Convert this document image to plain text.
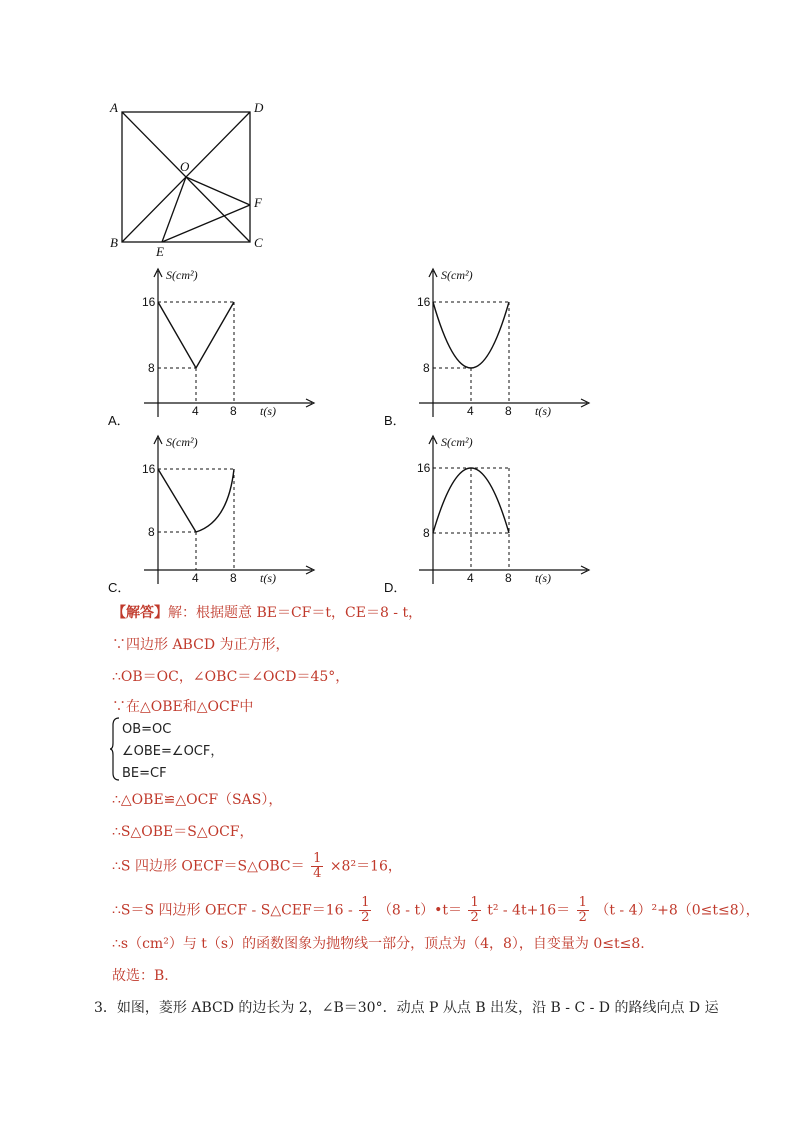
A	D
O
F
B	C
E
S(cm²)
t(s)
16
8
4	8
A．
S(cm²)
t(s)
16
8
4	8
B．
S(cm²)
t(s)
16
8
4	8
C．
S(cm²)
t(s)
16
8
4	8
D．
【解答】解：根据题意 BE＝CF＝t，CE＝8 - t，
∵四边形 ABCD 为正方形，
∴OB＝OC，∠OBC＝∠OCD＝45°，
∵在△OBE和△OCF中
OB=OC
∠OBE=∠OCF，
BE=CF
∴△OBE≌△OCF（SAS），
∴S△OBE＝S△OCF，
∴S 四边形 OECF＝S△OBC＝ $\frac{1}{4} \times 8^2=16$，
∴S＝S 四边形 OECF - S△CEF＝16 - $\frac{1}{2} (8$ - t）•t＝ $\frac{1}{2} t^2 - 4t+16= \frac{1}{2} (t - 4)^2+8(0\le t\le 8)$，
∴s（cm²）与 t（s）的函数图象为抛物线一部分，顶点为（4，8），自变量为 0≤t≤8.
故选：B.
3．如图，菱形 ABCD 的边长为 2，∠B＝30°．动点 P 从点 B 出发，沿 B - C - D 的路线向点 D 运
